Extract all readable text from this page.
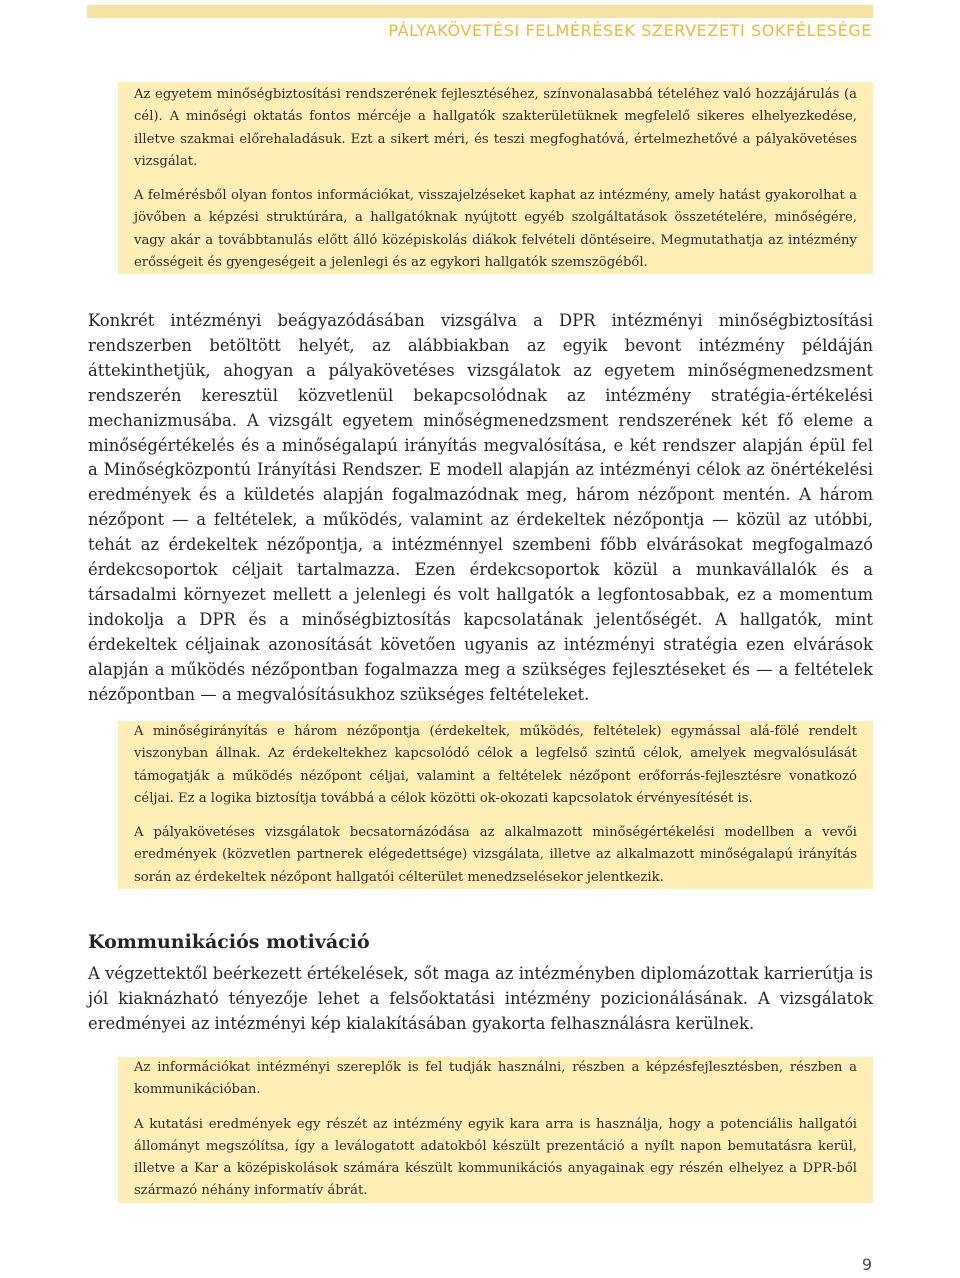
PÁLYAKÖVETÉSI FELMÉRÉSEK SZERVEZETI SOKFÉLESÉGE

Az egyetem minőségbiztosítási rendszerének fejlesztéséhez, színvonalasabbá tételéhez való hozzájárulás (a cél). A minőségi oktatás fontos mércéje a hallgatók szakterületüknek megfelelő sikeres elhelyezkedése, illetve szakmai előrehaladásuk. Ezt a sikert méri, és teszi megfoghatóvá, értelmezhetővé a pályakövetéses vizsgálat.

A felmérésből olyan fontos információkat, visszajelzéseket kaphat az intézmény, amely hatást gyakorolhat a jövőben a képzési struktúrára, a hallgatóknak nyújtott egyéb szolgáltatások összetételére, minőségére, vagy akár a továbbtanulás előtt álló középiskolás diákok felvételi döntéseire. Megmutathatja az intézmény erősségeit és gyengeségeit a jelenlegi és az egykori hallgatók szemszögéből.

Konkrét intézményi beágyazódásában vizsgálva a DPR intézményi minőségbiztosítási rendszerben betöltött helyét, az alábbiakban az egyik bevont intézmény példáján áttekinthetjük, ahogyan a pályakövetéses vizsgálatok az egyetem minőségmenedzsment rendszerén keresztül közvetlenül bekapcsolódnak az intézmény stratégia-értékelési mechanizmusába. A vizsgált egyetem minőségmenedzsment rendszerének két fő eleme a minőségértékelés és a minőségalapú irányítás megvalósítása, e két rendszer alapján épül fel a Minőségközpontú Irányítási Rendszer. E modell alapján az intézményi célok az önértékelési eredmények és a küldetés alapján fogalmazódnak meg, három nézőpont mentén. A három nézőpont — a feltételek, a működés, valamint az érdekeltek nézőpontja — közül az utóbbi, tehát az érdekeltek nézőpontja, a intézménnyel szembeni főbb elvárásokat megfogalmazó érdekcsoportok céljait tartalmazza. Ezen érdekcsoportok közül a munkavállalók és a társadalmi környezet mellett a jelenlegi és volt hallgatók a legfontosabbak, ez a momentum indokolja a DPR és a minőségbiztosítás kapcsolatának jelentőségét. A hallgatók, mint érdekeltek céljainak azonosítását követően ugyanis az intézményi stratégia ezen elvárások alapján a működés nézőpontban fogalmazza meg a szükséges fejlesztéseket és — a feltételek nézőpontban — a megvalósításukhoz szükséges feltételeket.

A minőségirányítás e három nézőpontja (érdekeltek, működés, feltételek) egymással alá-fölé rendelt viszonyban állnak. Az érdekeltekhez kapcsolódó célok a legfelső szintű célok, amelyek megvalósulását támogatják a működés nézőpont céljai, valamint a feltételek nézőpont erőforrás-fejlesztésre vonatkozó céljai. Ez a logika biztosítja továbbá a célok közötti ok-okozati kapcsolatok érvényesítését is.

A pályakövetéses vizsgálatok becsatornázódása az alkalmazott minőségértékelési modellben a vevői eredmények (közvetlen partnerek elégedettsége) vizsgálata, illetve az alkalmazott minőségalapú irányítás során az érdekeltek nézőpont hallgatói célterület menedzselésekor jelentkezik.

Kommunikációs motiváció

A végzettektől beérkezett értékelések, sőt maga az intézményben diplomázottak karrierútja is jól kiaknázható tényezője lehet a felsőoktatási intézmény pozicionálásának. A vizsgálatok eredményei az intézményi kép kialakításában gyakorta felhasználásra kerülnek.

Az információkat intézményi szereplők is fel tudják használni, részben a képzésfejlesztésben, részben a kommunikációban.

A kutatási eredmények egy részét az intézmény egyik kara arra is használja, hogy a potenciális hallgatói állományt megszólítsa, így a leválogatott adatokból készült prezentáció a nyílt napon bemutatásra kerül, illetve a Kar a középiskolások számára készült kommunikációs anyagainak egy részén elhelyez a DPR-ből származó néhány informatív ábrát.

9
